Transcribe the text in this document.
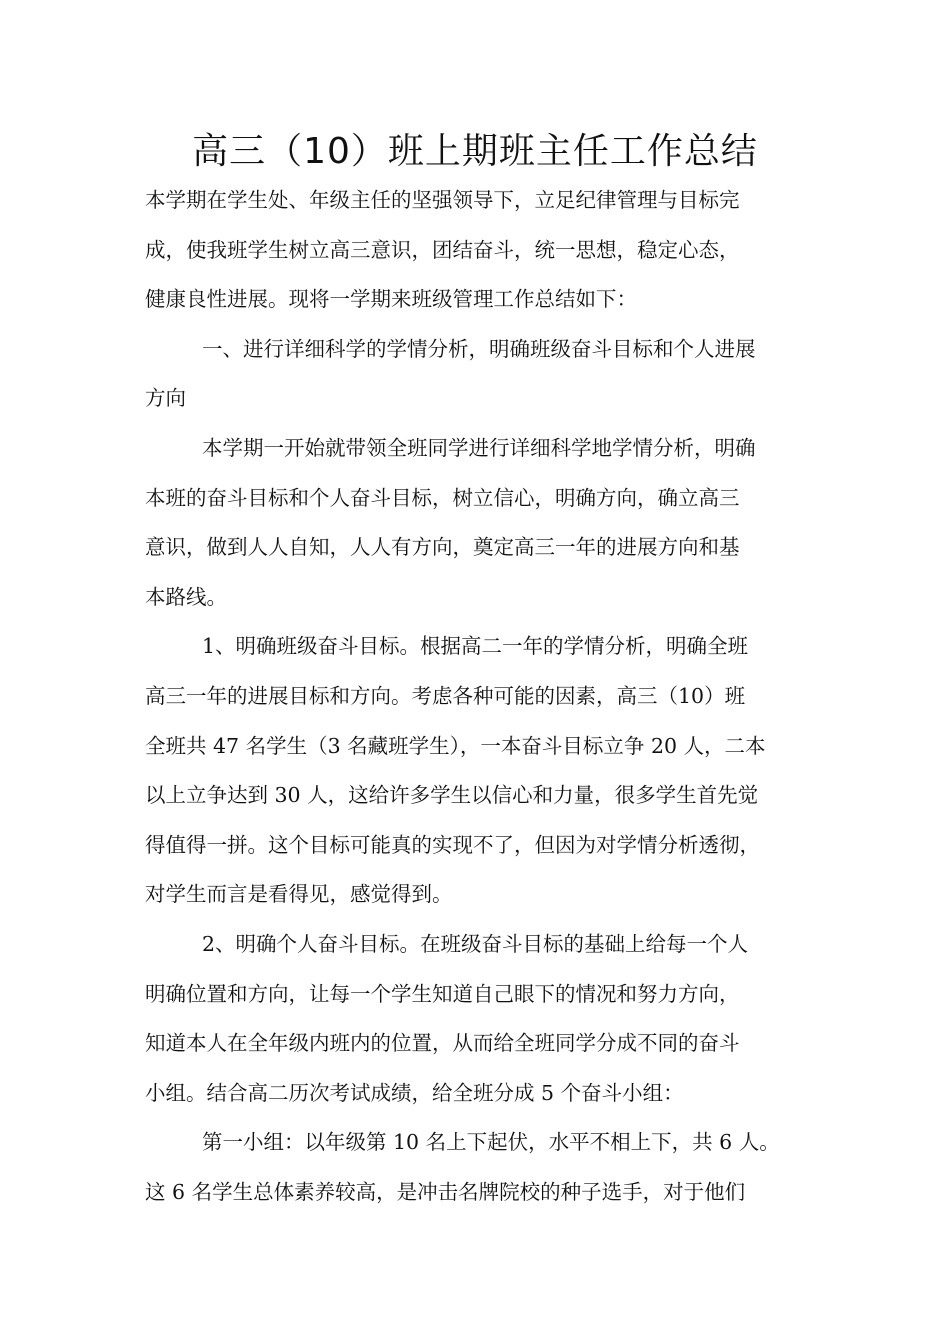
高三（10）班上期班主任工作总结
本学期在学生处、年级主任的坚强领导下，立足纪律管理与目标完
成，使我班学生树立高三意识，团结奋斗，统一思想，稳定心态，
健康良性进展。现将一学期来班级管理工作总结如下：
一、进行详细科学的学情分析，明确班级奋斗目标和个人进展
方向
本学期一开始就带领全班同学进行详细科学地学情分析，明确
本班的奋斗目标和个人奋斗目标，树立信心，明确方向，确立高三
意识，做到人人自知，人人有方向，奠定高三一年的进展方向和基
本路线。
1、明确班级奋斗目标。根据高二一年的学情分析，明确全班
高三一年的进展目标和方向。考虑各种可能的因素，高三（10）班
全班共 47 名学生（3 名藏班学生），一本奋斗目标立争 20 人，二本
以上立争达到 30 人，这给许多学生以信心和力量，很多学生首先觉
得值得一拼。这个目标可能真的实现不了，但因为对学情分析透彻，
对学生而言是看得见，感觉得到。
2、明确个人奋斗目标。在班级奋斗目标的基础上给每一个人
明确位置和方向，让每一个学生知道自己眼下的情况和努力方向，
知道本人在全年级内班内的位置，从而给全班同学分成不同的奋斗
小组。结合高二历次考试成绩，给全班分成 5 个奋斗小组：
第一小组：以年级第 10 名上下起伏，水平不相上下，共 6 人。
这 6 名学生总体素养较高，是冲击名牌院校的种子选手，对于他们
